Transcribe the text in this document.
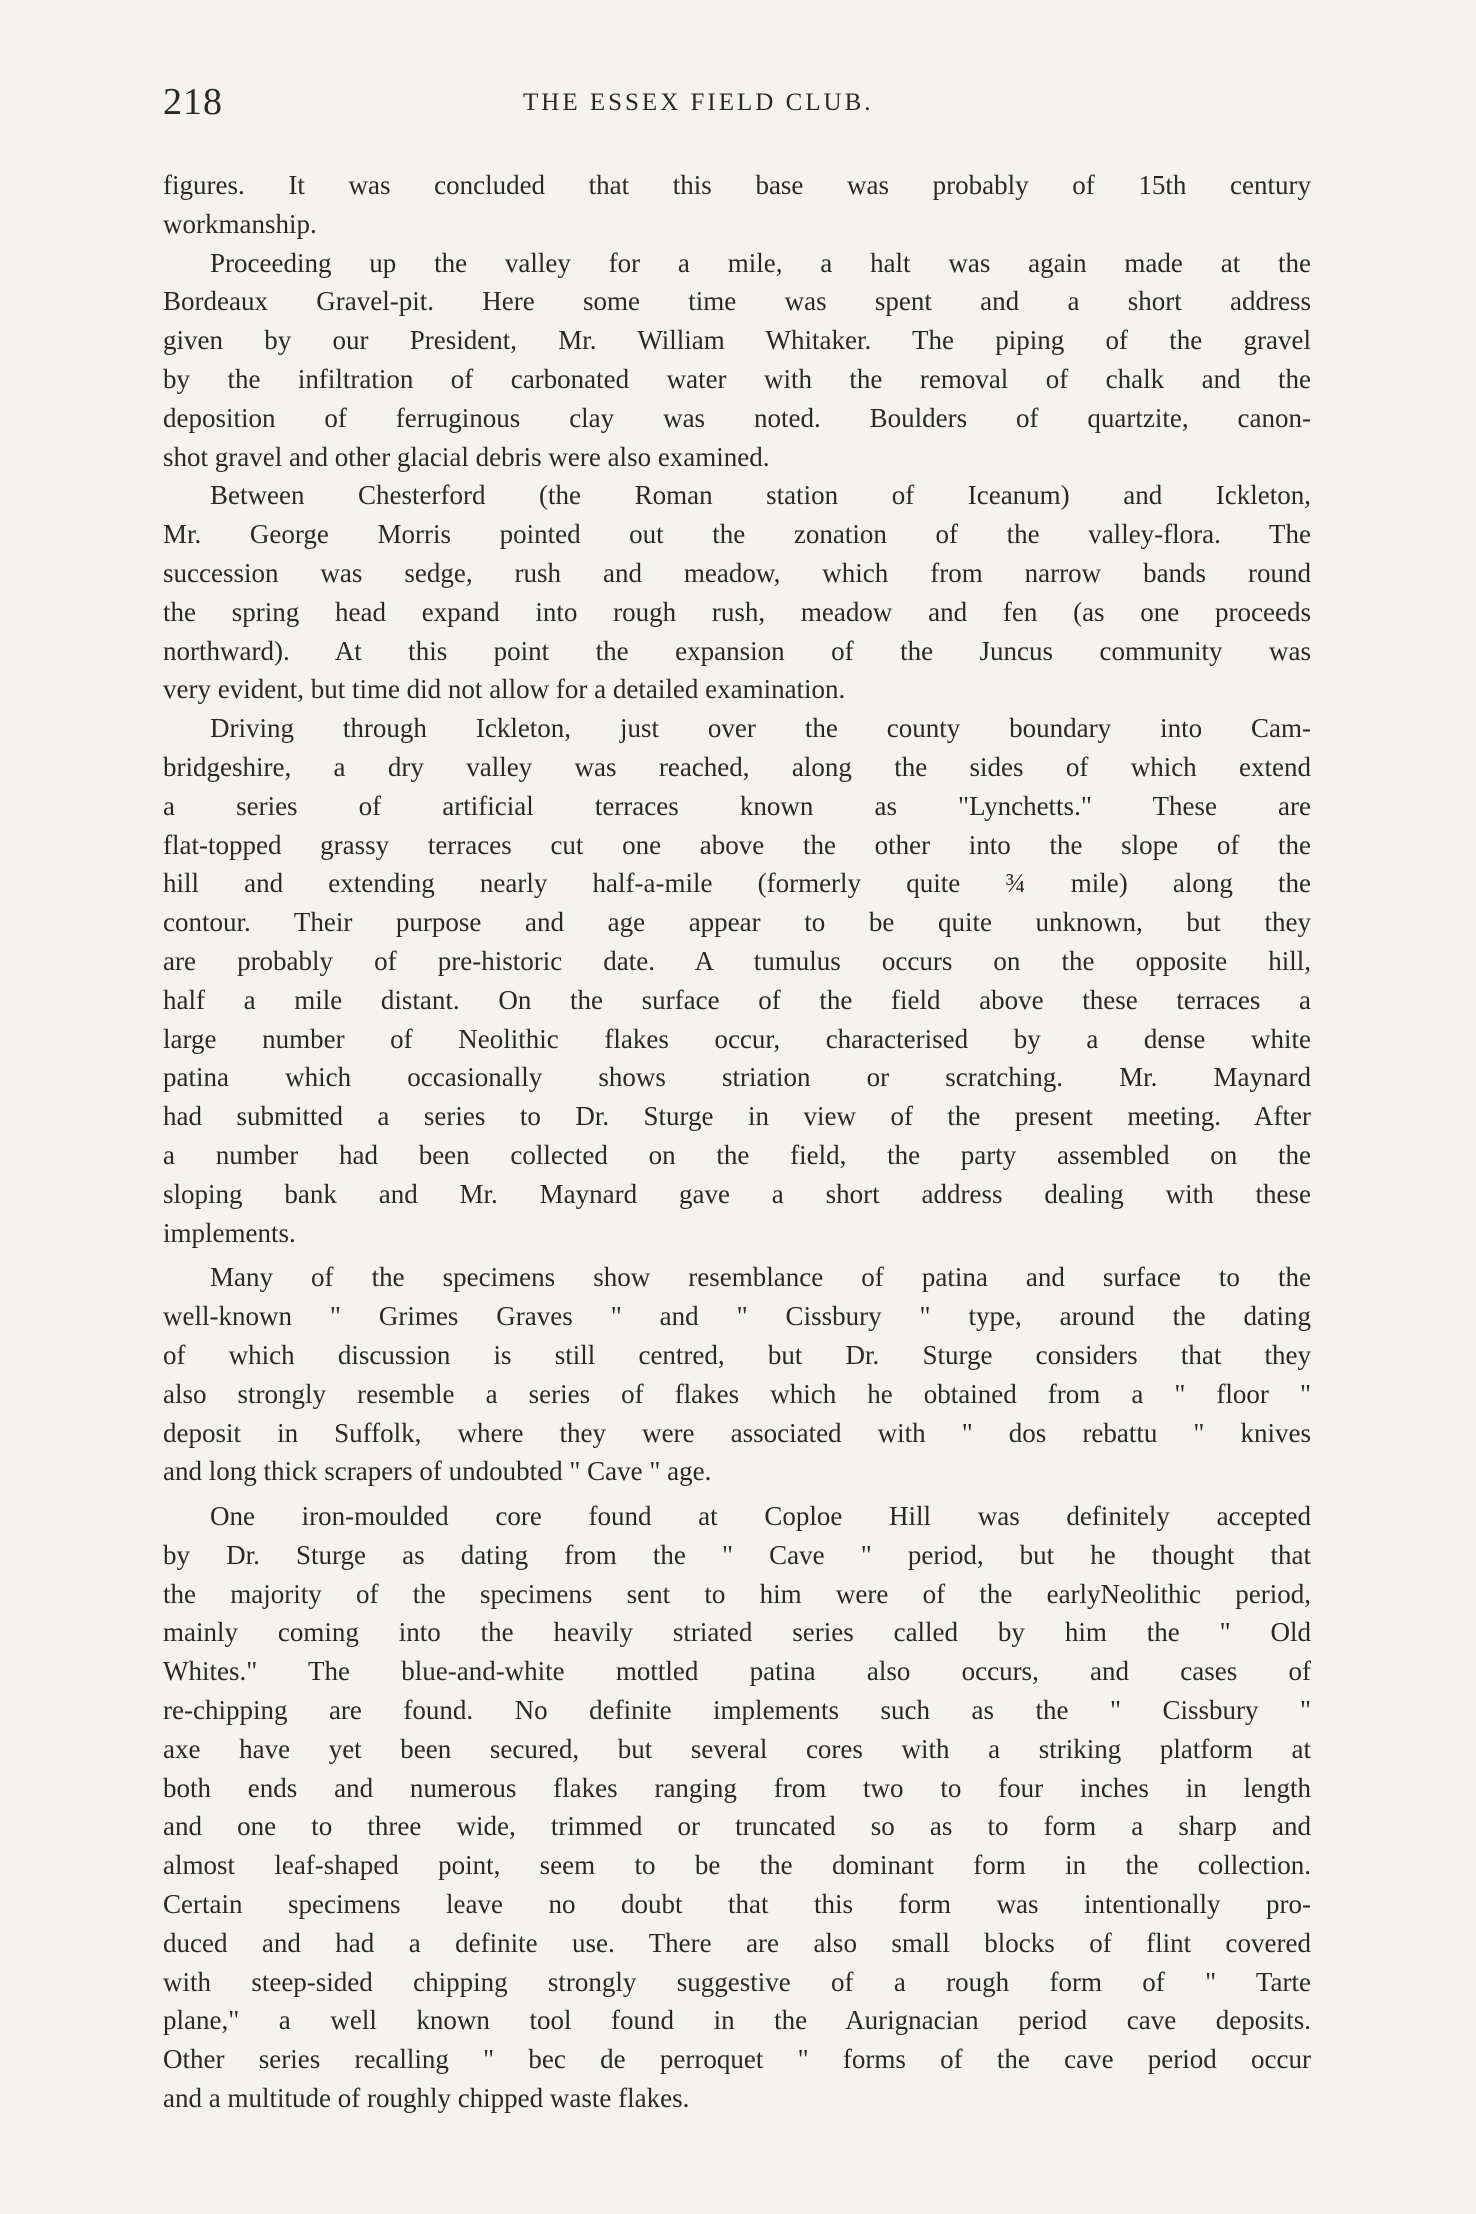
218	THE ESSEX FIELD CLUB.
figures. It was concluded that this base was probably of 15th century
workmanship.
Proceeding up the valley for a mile, a halt was again made at the
Bordeaux Gravel-pit. Here some time was spent and a short address
given by our President, Mr. William Whitaker. The piping of the gravel
by the infiltration of carbonated water with the removal of chalk and the
deposition of ferruginous clay was noted. Boulders of quartzite, canon-
shot gravel and other glacial debris were also examined.
Between Chesterford (the Roman station of Iceanum) and Ickleton,
Mr. George Morris pointed out the zonation of the valley-flora. The
succession was sedge, rush and meadow, which from narrow bands round
the spring head expand into rough rush, meadow and fen (as one proceeds
northward). At this point the expansion of the Juncus community was
very evident, but time did not allow for a detailed examination.
Driving through Ickleton, just over the county boundary into Cam-
bridgeshire, a dry valley was reached, along the sides of which extend
a series of artificial terraces known as "Lynchetts." These are
flat-topped grassy terraces cut one above the other into the slope of the
hill and extending nearly half-a-mile (formerly quite ¾ mile) along the
contour. Their purpose and age appear to be quite unknown, but they
are probably of pre-historic date. A tumulus occurs on the opposite hill,
half a mile distant. On the surface of the field above these terraces a
large number of Neolithic flakes occur, characterised by a dense white
patina which occasionally shows striation or scratching. Mr. Maynard
had submitted a series to Dr. Sturge in view of the present meeting. After
a number had been collected on the field, the party assembled on the
sloping bank and Mr. Maynard gave a short address dealing with these
implements.
Many of the specimens show resemblance of patina and surface to the
well-known " Grimes Graves " and " Cissbury " type, around the dating
of which discussion is still centred, but Dr. Sturge considers that they
also strongly resemble a series of flakes which he obtained from a " floor "
deposit in Suffolk, where they were associated with " dos rebattu " knives
and long thick scrapers of undoubted " Cave " age.
One iron-moulded core found at Coploe Hill was definitely accepted
by Dr. Sturge as dating from the " Cave " period, but he thought that
the majority of the specimens sent to him were of the earlyNeolithic period,
mainly coming into the heavily striated series called by him the " Old
Whites." The blue-and-white mottled patina also occurs, and cases of
re-chipping are found. No definite implements such as the " Cissbury "
axe have yet been secured, but several cores with a striking platform at
both ends and numerous flakes ranging from two to four inches in length
and one to three wide, trimmed or truncated so as to form a sharp and
almost leaf-shaped point, seem to be the dominant form in the collection.
Certain specimens leave no doubt that this form was intentionally pro-
duced and had a definite use. There are also small blocks of flint covered
with steep-sided chipping strongly suggestive of a rough form of " Tarte
plane," a well known tool found in the Aurignacian period cave deposits.
Other series recalling " bec de perroquet " forms of the cave period occur
and a multitude of roughly chipped waste flakes.
